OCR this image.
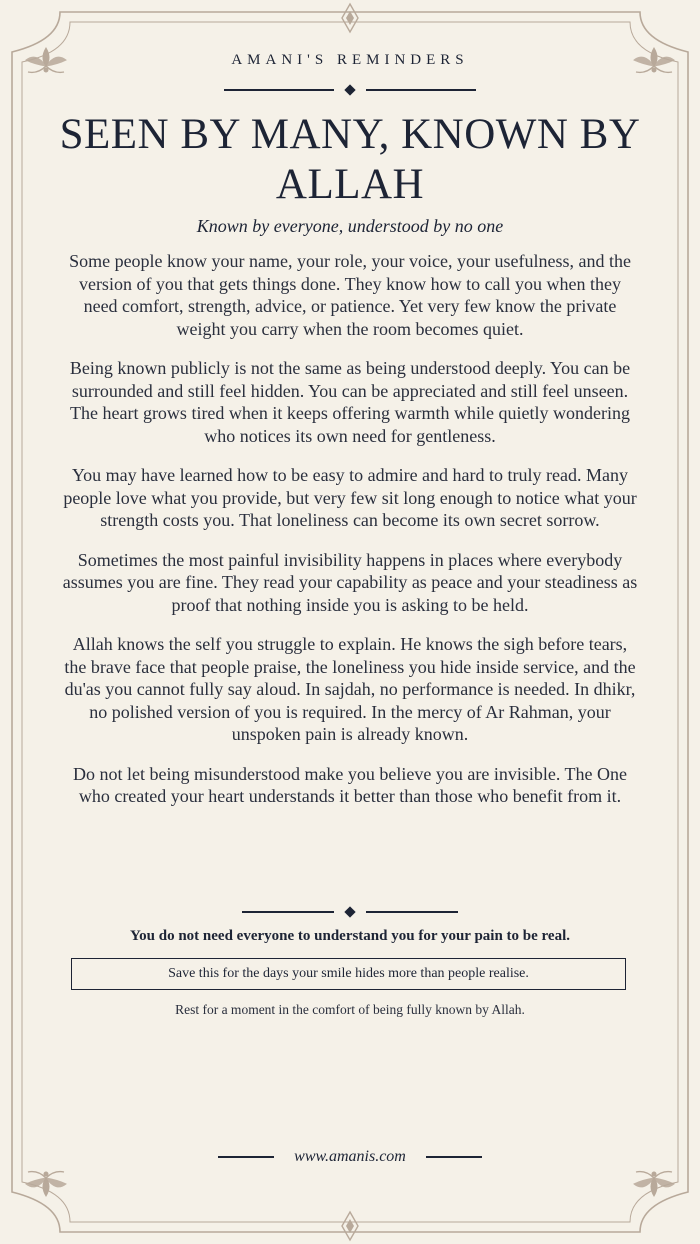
AMANI'S REMINDERS
SEEN BY MANY, KNOWN BY ALLAH
Known by everyone, understood by no one

Some people know your name, your role, your voice, your usefulness, and the version of you that gets things done. They know how to call you when they need comfort, strength, advice, or patience. Yet very few know the private weight you carry when the room becomes quiet.

Being known publicly is not the same as being understood deeply. You can be surrounded and still feel hidden. You can be appreciated and still feel unseen. The heart grows tired when it keeps offering warmth while quietly wondering who notices its own need for gentleness.

You may have learned how to be easy to admire and hard to truly read. Many people love what you provide, but very few sit long enough to notice what your strength costs you. That loneliness can become its own secret sorrow.

Sometimes the most painful invisibility happens in places where everybody assumes you are fine. They read your capability as peace and your steadiness as proof that nothing inside you is asking to be held.

Allah knows the self you struggle to explain. He knows the sigh before tears, the brave face that people praise, the loneliness you hide inside service, and the du'as you cannot fully say aloud. In sajdah, no performance is needed. In dhikr, no polished version of you is required. In the mercy of Ar Rahman, your unspoken pain is already known.

Do not let being misunderstood make you believe you are invisible. The One who created your heart understands it better than those who benefit from it.

You do not need everyone to understand you for your pain to be real.
Save this for the days your smile hides more than people realise.
Rest for a moment in the comfort of being fully known by Allah.
www.amanis.com
